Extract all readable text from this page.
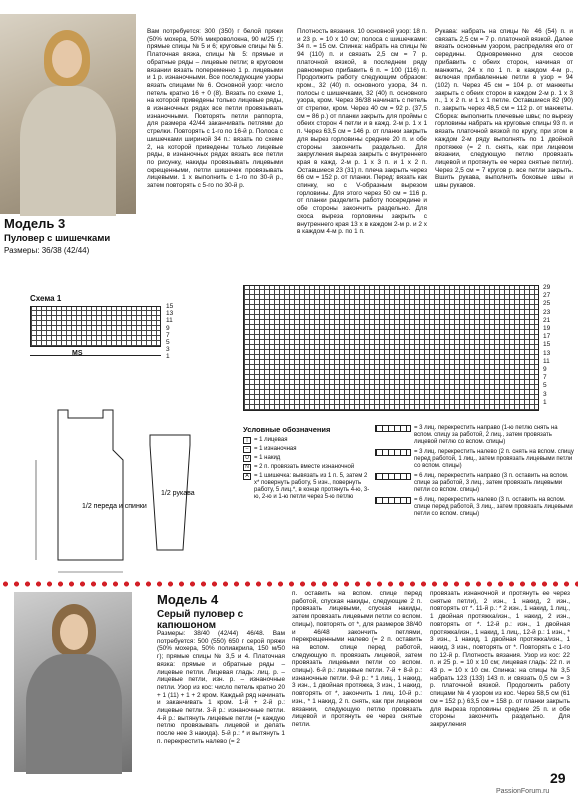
Модель 3
Пуловер с шишечками
Размеры: 36/38 (42/44)
Вам потребуется: 300 (350) г белой пряжи (50% мохера, 50% микроволокна, 90 м/25 г); прямые спицы № 5 и 6; круговые спицы № 5. Платочная вязка, спицы № 5: прямые и обратные ряды – лицевые петли; в круговом вязании вязать попеременно 1 р. лицевыми и 1 р. изнаночными. Все последующие узоры вязать спицами № 6. Основной узор: число петель кратно 16 + 0 (8). Вязать по схеме 1, на которой приведены только лицевые ряды, в изнаночных рядах все петли провязывать изнаночными. Повторять петли раппорта, для размера 42/44 заканчивать петлями до стрелки. Повторять с 1-го по 16-й р. Полоса с шишечками шириной 34 п.: вязать по схеме 2, на которой приведены только лицевые ряды, в изнаночных рядах вязать все петли по рисунку, накиды провязывать лицевыми скрещенными, петли шишечек провязывать лицевыми. 1 х выполнить с 1-го по 30-й р., затем повторять с 5-го по 30-й р.
Плотность вязания. 10 основной узор: 18 п. и 23 р. = 10 х 10 см; полоса с шишечками: 34 п. = 15 см. Спинка: набрать на спицы № 94 (110) п. и связать 2,5 см = 7 р. платочной вязкой, в последнем ряду равномерно прибавить 6 п. = 100 (116) п. Продолжить работу следующим образом: кром., 32 (40) п. основного узора, 34 п. полосы с шишечками, 32 (40) п. основного узора, кром. Через 36/38 начинать с петель от стрелки, кром. Через 40 см = 92 р. (37,5 см = 86 р.) от планки закрыть для проймы с обеих сторон 4 петли и в кажд. 2-м р. 1 х 1 п. Через 63,5 см = 146 р. от планки закрыть для вырез горловины средние 20 п. и обе стороны закончить раздельно. Для закругления выреза закрыть с внутреннего края в кажд. 2-м р. 1 х 3 п. и 1 х 2 п. Оставшиеся 23 (31) п. плеча закрыть через 66 см = 152 р. от планки. Перед: вязать как спинку, но с V-образным вырезом горловины. Для этого через 50 см = 116 р. от планки разделить работу посередине и обе стороны закончить раздельно. Для скоса выреза горловины закрыть с внутреннего края 13 х в каждом 2-м р. и 2 х в каждом 4-м р. по 1 п.
Рукава: набрать на спицы № 46 (54) п. и связать 2,5 см = 7 р. платочной вязкой. Далее вязать основным узором, распределяя его от середины. Одновременно для скосов прибавить с обеих сторон, начиная от манжеты, 24 х по 1 п. в каждом 4-м р., включая прибавленные петли в узор = 94 (102) п. Через 45 см = 104 р. от манжеты закрыть с обеих сторон в каждом 2-м р. 1 х 3 п., 1 х 2 п. и 1 х 1 петле. Оставшиеся 82 (90) п. закрыть через 48,5 см = 112 р. от манжеты. Сборка: выполнить плечевые швы; по вырезу горловины набрать на круговые спицы 93 п. и вязать платочной вязкой по кругу, при этом в каждом 2-м ряду выполнять по 1 двойной протяжке (= 2 п. снять, как при лицевом вязании, следующую петлю провязать лицевой и протянуть ее через снятые петли). Через 2,5 см = 7 кругов р. все петли закрыть. Вшить рукава, выполнить боковые швы и швы рукавов.
Схема 1
15
13
11
9
7
5
3
1
MS
29
27
25
23
21
19
17
15
13
11
9
7
5
3
1
1/2 переда и спинки
1/2 рукава
Условные обозначения
|	= 1 лицевая
– = 1 изнаночная
U = 1 накид
N = 2 п. провязать вместе изнаночной
A = 1 шишечка: вывязать из 1 п. 5, затем 2 х* повернуть работу, 5 изн., повернуть работу, 5 лиц.*, в конце протянуть 4-ю, 3-ю, 2-ю и 1-ю петли через 5-ю петлю
= 3 лиц. перекрестить направо (1-ю петлю снять на вспом. спицу за работой, 2 лиц., затем провязать лицевой петлю со вспом. спицы)
= 3 лиц. перекрестить налево (2 п. снять на вспом. спицу перед работой, 1 лиц., затем провязать лицевыми петли со вспом. спицы)
= 6 лиц. перекрестить направо (3 п. оставить на вспом. спице за работой, 3 лиц., затем провязать лицевыми петли со вспом. спицы)
= 6 лиц. перекрестить налево (3 п. оставить на вспом. спице перед работой, 3 лиц., затем провязать лицевыми петли со вспом. спицы)
Модель 4
Серый пуловер с капюшоном
Размеры: 38/40 (42/44) 46/48. Вам потребуется: 500 (550) 650 г серой пряжи (50% мохера, 50% полиакрила, 150 м/50 г); прямые спицы № 3,5 и 4. Платочная вязка: прямые и обратные ряды – лицевые петли. Лицевая гладь: лиц. р. – лицевые петли, изн. р. – изнаночные петли. Узор из кос: число петель кратно 20 + 1 (11) + 1 + 2 кром. Каждый ряд начинать и заканчивать 1 кром. 1-й + 2-й р.: лицевые петли. 3-й р.: изнаночные петли. 4-й р.: вытянуть лицевые петли (= каждую петлю провязывать лицевой и делать после нее 3 накида). 5-й р.: * и вытянуть 1 п. перекрестить налево (= 2
п. оставить на вспом. спице перед работой, спуская накиды, следующие 2 п. провязать лицевыми, спуская накиды, затем провязать лицевыми петли со вспом. спицы), повторять от *, для размеров 38/40 и 46/48 закончить петлями, перекрещенными налево (= 2 п. оставить на вспом. спице перед работой, следующую п. провязать лицевой, затем провязать лицевыми петли со вспом. спицы). 6-й р.: лицевые петли. 7-й + 8-й р.: изнаночные петли. 9-й р.: * 1 лиц., 1 накид, 3 изн., 1 двойная протяжка, 3 изн., 1 накид, повторять от *, закончить 1 лиц. 10-й р.: изн., * 1 накид, 2 п. снять, как при лицевом вязании, следующую петлю провязать лицевой и протянуть ее через снятые петли.
провязать изнаночной и протянуть ее через снятые петли), 2 изн., 1 накид, 2 изн., повторять от *. 11-й р.: * 2 изн., 1 накид, 1 лиц., 1 двойная протяжка/изн., 1 накид, 2 изн., повторять от *. 12-й р.: изн., 1 двойная протяжка/изн., 1 накид, 1 лиц., 12-й р.: 1 изн., * 3 изн., 1 накид, 1 двойная протяжка/изн., 1 накид, 3 изн., повторять от *. Повторять с 1-го по 12-й р. Плотность вязания. Узор из кос: 22 п. и 25 р. = 10 х 10 см; лицевая гладь: 22 п. и 43 р. = 10 х 10 см. Спинка: на спицы № 3,5 набрать 123 (133) 143 п. и связать 0,5 см = 3 р. платочной вязкой. Продолжить работу спицами № 4 узором из кос. Через 58,5 см (61 см = 152 р.) 63,5 см = 158 р. от планки закрыть для выреза горловины средние 25 п. и обе стороны закончить раздельно. Для закругления
29
PassionForum.ru
